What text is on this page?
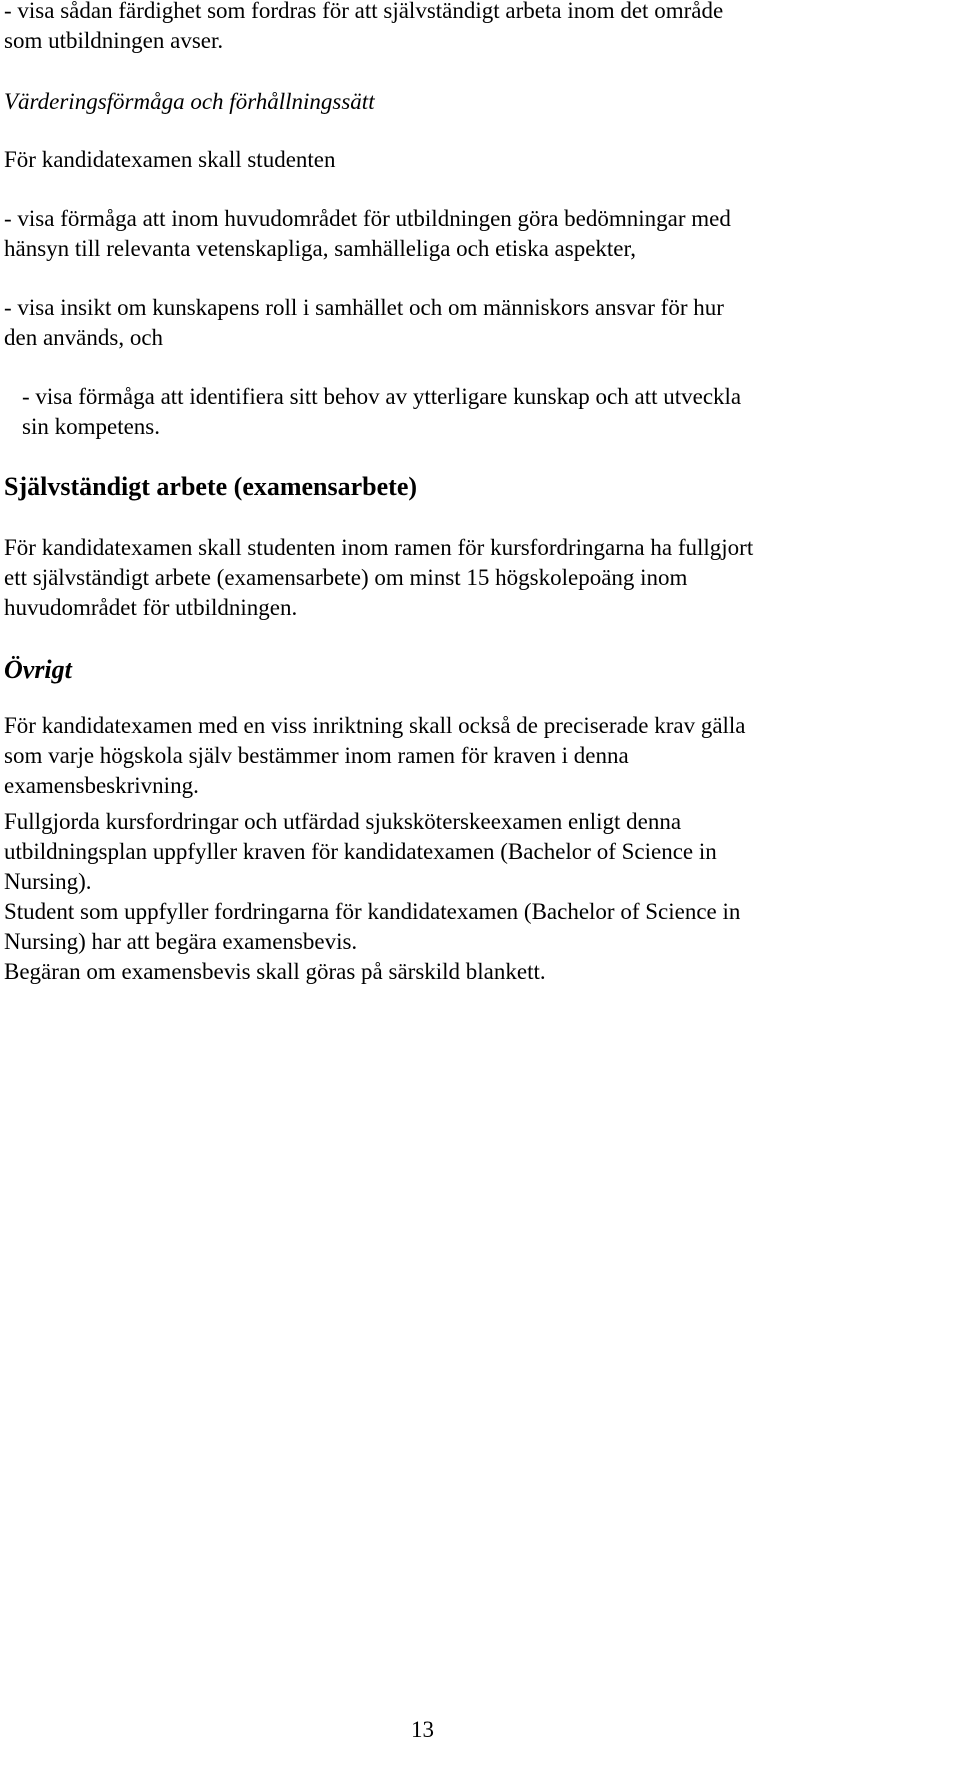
- visa sådan färdighet som fordras för att självständigt arbeta inom det område

som utbildningen avser.

Värderingsförmåga och förhållningssätt

För kandidatexamen skall studenten

- visa förmåga att inom huvudområdet för utbildningen göra bedömningar med

hänsyn till relevanta vetenskapliga, samhälleliga och etiska aspekter,

- visa insikt om kunskapens roll i samhället och om människors ansvar för hur

den används, och

- visa förmåga att identifiera sitt behov av ytterligare kunskap och att utveckla

sin kompetens.

Självständigt arbete (examensarbete)

För kandidatexamen skall studenten inom ramen för kursfordringarna ha fullgjort

ett självständigt arbete (examensarbete) om minst 15 högskolepoäng inom

huvudområdet för utbildningen.

Övrigt

För kandidatexamen med en viss inriktning skall också de preciserade krav gälla

som varje högskola själv bestämmer inom ramen för kraven i denna

examensbeskrivning.

Fullgjorda kursfordringar och utfärdad sjuksköterskeexamen enligt denna

utbildningsplan uppfyller kraven för kandidatexamen (Bachelor of Science in

Nursing).

Student som uppfyller fordringarna för kandidatexamen (Bachelor of Science in

Nursing) har att begära examensbevis.

Begäran om examensbevis skall göras på särskild blankett.

13
